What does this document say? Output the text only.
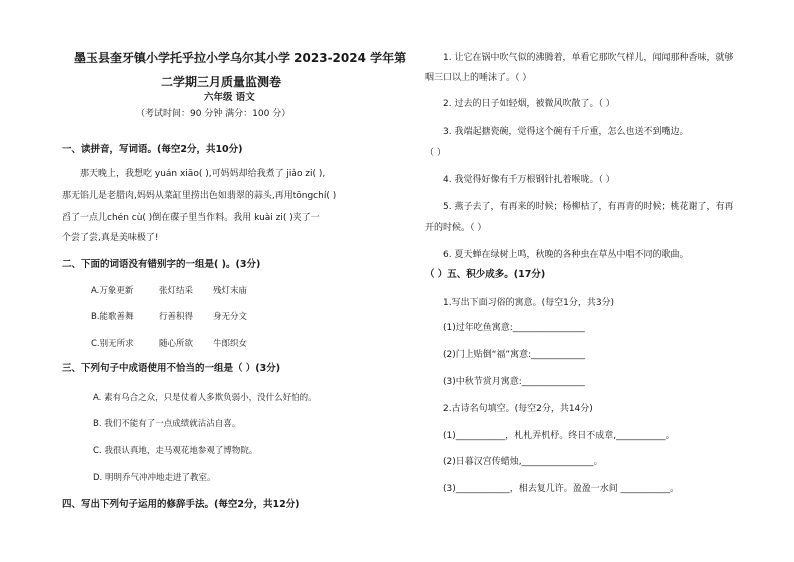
墨玉县奎牙镇小学托乎拉小学乌尔其小学 2023-2024 学年第
二学期三月质量监测卷
六年级 语文
（考试时间：90 分钟 满分：100 分）
一、读拼音，写词语。(每空2分，共10分)
那天晚上，我想吃 yuán xiāo( ),可妈妈却给我煮了 jiǎo zi( ),
那无馅儿是老腊肉,妈妈从菜缸里捞出色如翡翠的蒜头,再用tōngchí( )
舀了一点儿chén cù( )倒在碟子里当作料。我用 kuài zi( )夹了一
个尝了尝,真是美味极了!
二、下面的词语没有错别字的一组是( )。(3分)
A.万象更新	张灯结采 残灯末庙
B.能歌善舞	行善积得 身无分文
C.别无所求	随心所欲 牛郎织女
三、下列句子中成语使用不恰当的一组是（ ）(3分)
A. 素有乌合之众，只是仗着人多欺负弱小，没什么好怕的。
B. 我们不能有了一点成绩就沾沾自喜。
C. 我很认真地，走马观花地参观了博物院。
D. 明明乔气冲冲地走进了教室。
四、写出下列句子运用的修辞手法。(每空2分，共12分)
1. 让它在锅中吹气似的沸腾着，单看它那吹气样儿，闻闻那种香味，就够
咽三口以上的唾沫了。（ ）
2. 过去的日子如轻烟，被微风吹散了。（ ）
3. 我端起搪瓷碗，觉得这个碗有千斤重，怎么也送不到嘴边。
（ ）
4. 我觉得好像有千万根钢针扎着喉咙。（ ）
5. 燕子去了，有再来的时候；杨柳枯了，有再青的时候；桃花谢了，有再
开的时候。（ ）
6. 夏天蝉在绿树上鸣，秋晚的各种虫在草丛中唱不同的歌曲。
（ ）五、积少成多。(17分)
1.写出下面习俗的寓意。(每空1分，共3分)
(1)过年吃鱼寓意:________________
(2)门上贴倒“福”寓意:____________
(3)中秋节赏月寓意:______________
2.古诗名句填空。(每空2分，共14分)
(1)___________，札札弄机杼。终日不成章,___________。
(2)日暮汉宫传蜡烛,________________。
(3)____________，相去复几许。盈盈一水间 ___________。
